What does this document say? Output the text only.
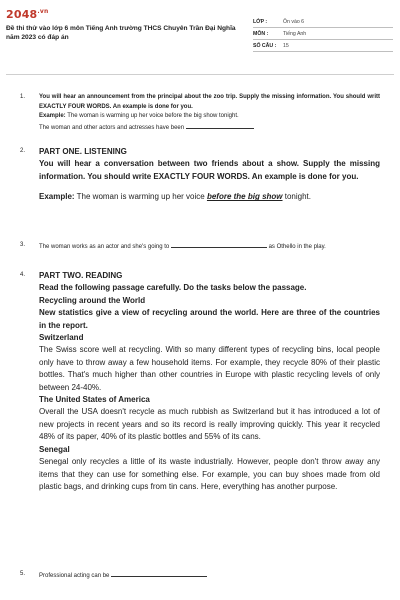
$2048^{.vn}$
Đề thi thử vào lớp 6 môn Tiếng Anh trường THCS Chuyên Trần Đại Nghĩa năm 2023 có đáp án
LỚP :	Ôn vào 6
MÔN :	Tiếng Anh
SỐ CÂU :	15
1. You will hear an announcement from the principal about the zoo trip. Supply the missing information. You should writt EXACTLY FOUR WORDS. An example is done for you.
Example: The woman is warming up her voice before the big show tonight.
The woman and other actors and actresses have been
2. PART ONE. LISTENING
You will hear a conversation between two friends about a show. Supply the missing information. You should write EXACTLY FOUR WORDS. An example is done for you.
Example: The woman is warming up her voice before the big show tonight.
3. The woman works as an actor and she's going to	as Othello in the play.
4. PART TWO. READING
Read the following passage carefully. Do the tasks below the passage.
Recycling around the World
New statistics give a view of recycling around the world. Here are three of the countries in the report.
Switzerland
The Swiss score well at recycling. With so many different types of recycling bins, local people only have to throw away a few household items. For example, they recycle 80% of their plastic bottles. That's much higher than other countries in Europe with plastic recycling levels of only between 24-40%.
The United States of America
Overall the USA doesn't recycle as much rubbish as Switzerland but it has introduced a lot of new projects in recent years and so its record is really improving quickly. This year it recycled 48% of its paper, 40% of its plastic bottles and 55% of its cans.
Senegal
Senegal only recycles a little of its waste industrially. However, people don't throw away any items that they can use for something else. For example, you can buy shoes made from old plastic bags, and drinking cups from tin cans. Here, everything has another purpose.
5. Professional acting can be
